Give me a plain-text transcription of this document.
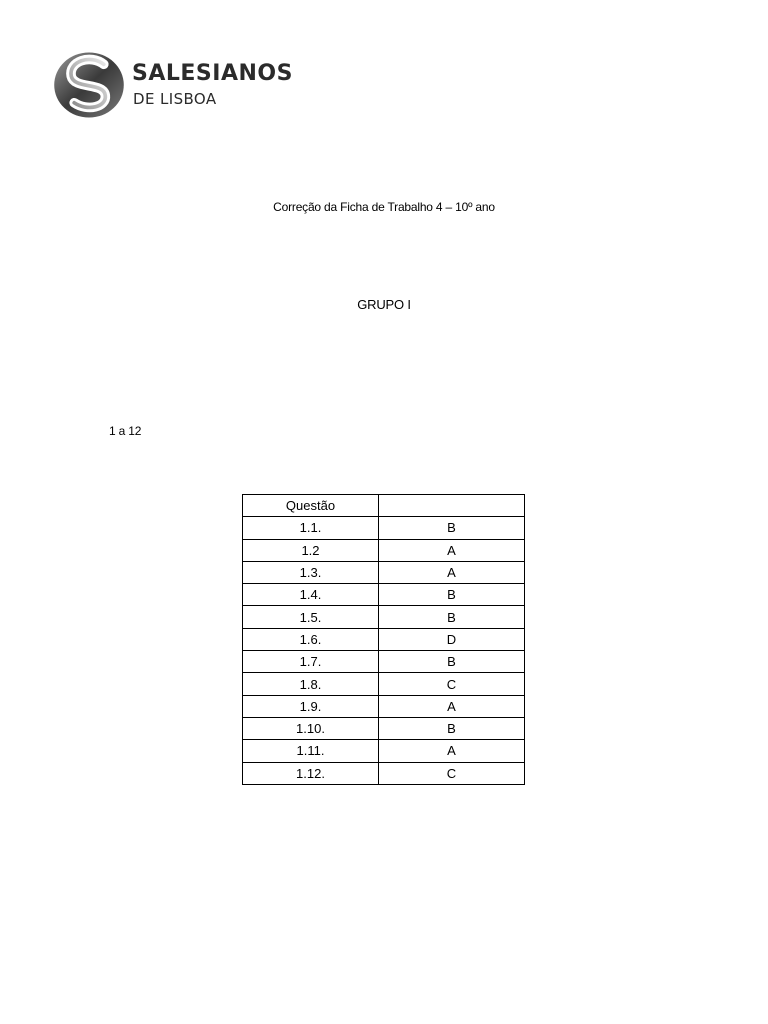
SALESIANOS
DE LISBOA
Correção da Ficha de Trabalho 4 – 10º ano
GRUPO I
1 a 12
Questão	
1.1.	B
1.2	A
1.3.	A
1.4.	B
1.5.	B
1.6.	D
1.7.	B
1.8.	C
1.9.	A
1.10.	B
1.11.	A
1.12.	C
